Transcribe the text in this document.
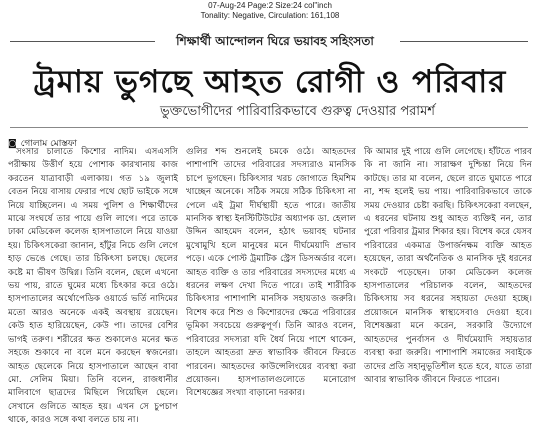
07-Aug-24 Page:2 Size:24 col"inch
Tonality: Negative, Circulation: 161,108
শিক্ষার্থী আন্দোলন ঘিরে ভয়াবহ সহিংসতা
ট্রমায় ভুগছে আহত রোগী ও পরিবার
ভুক্তভোগীদের পারিবারিকভাবে গুরুত্ব দেওয়ার পরামর্শ
◙ গোলাম মোস্তফা

সংসার চালাতে কিশোর নাদিম। এসএসসি পরীক্ষায় উত্তীর্ণ হয়ে পোশাক কারখানায় কাজ করতেন যাত্রাবাড়ী এলাকায়। গত ১৯ জুলাই বেতন নিয়ে বাসায় ফেরার পথে ছোট ভাইকে সঙ্গে নিয়ে যাচ্ছিলেন। এ সময় পুলিশ ও শিক্ষার্থীদের মাঝে সংঘর্ষে তার পায়ে গুলি লাগে। পরে তাকে ঢাকা মেডিকেল কলেজ হাসপাতালে নিয়ে যাওয়া হয়। চিকিৎসকেরা জানান, হাঁটুর নিচে গুলি লেগে হাড় ভেঙে গেছে। তার চিকিৎসা চলছে। ছেলের কষ্টে মা ভীষণ উদ্বিগ্ন। তিনি বলেন, ছেলে এখনো ভয় পায়, রাতে ঘুমের মধ্যে চিৎকার করে ওঠে। হাসপাতালের অর্থোপেডিক ওয়ার্ডে ভর্তি নাদিমের মতো আরও অনেকে একই অবস্থায় রয়েছেন। কেউ হাত হারিয়েছেন, কেউ পা। তাদের বেশির ভাগই তরুণ। শরীরের ক্ষত শুকালেও মনের ক্ষত সহজে শুকাবে না বলে মনে করছেন স্বজনেরা। আহত ছেলেকে নিয়ে হাসপাতালে আছেন বাবা মো. সেলিম মিয়া। তিনি বলেন, রাজধানীর মালিবাগে ছাত্রদের মিছিলে গিয়েছিল ছেলে। সেখানে গুলিতে আহত হয়। এখন সে চুপচাপ থাকে, কারও সঙ্গে কথা বলতে চায় না।

গুলির শব্দ শুনলেই চমকে ওঠে। আহতদের পাশাপাশি তাদের পরিবারের সদস্যরাও মানসিক চাপে ভুগছেন। চিকিৎসার খরচ জোগাতে হিমশিম খাচ্ছেন অনেকে। সঠিক সময়ে সঠিক চিকিৎসা না পেলে এই ট্রমা দীর্ঘস্থায়ী হতে পারে। জাতীয় মানসিক স্বাস্থ্য ইনস্টিটিউটের অধ্যাপক ডা. হেলাল উদ্দিন আহমেদ বলেন, হঠাৎ ভয়াবহ ঘটনার মুখোমুখি হলে মানুষের মনে দীর্ঘমেয়াদি প্রভাব পড়ে। একে পোস্ট ট্রমাটিক স্ট্রেস ডিসঅর্ডার বলে। আহত ব্যক্তি ও তার পরিবারের সদস্যদের মধ্যে এ ধরনের লক্ষণ দেখা দিতে পারে। তাই শারীরিক চিকিৎসার পাশাপাশি মানসিক সহায়তাও জরুরি। বিশেষ করে শিশু ও কিশোরদের ক্ষেত্রে পরিবারের ভূমিকা সবচেয়ে গুরুত্বপূর্ণ। তিনি আরও বলেন, পরিবারের সদস্যরা যদি ধৈর্য নিয়ে পাশে থাকেন, তাহলে আহতরা দ্রুত স্বাভাবিক জীবনে ফিরতে পারবেন। আহতদের কাউন্সেলিংয়ের ব্যবস্থা করা প্রয়োজন। হাসপাতালগুলোতে মনোরোগ বিশেষজ্ঞের সংখ্যা বাড়ানো দরকার।

কি আমার দুই পায়ে গুলি লেগেছে। হাঁটতে পারব কি না জানি না। সারাক্ষণ দুশ্চিন্তা নিয়ে দিন কাটছে। তার মা বলেন, ছেলে রাতে ঘুমাতে পারে না, শব্দ হলেই ভয় পায়। পারিবারিকভাবে তাকে সময় দেওয়ার চেষ্টা করছি। চিকিৎসকেরা বলছেন, এ ধরনের ঘটনায় শুধু আহত ব্যক্তিই নন, তার পুরো পরিবার ট্রমার শিকার হয়। বিশেষ করে যেসব পরিবারের একমাত্র উপার্জনক্ষম ব্যক্তি আহত হয়েছেন, তারা অর্থনৈতিক ও মানসিক দুই ধরনের সংকটে পড়েছেন। ঢাকা মেডিকেল কলেজ হাসপাতালের পরিচালক বলেন, আহতদের চিকিৎসায় সব ধরনের সহায়তা দেওয়া হচ্ছে। প্রয়োজনে মানসিক স্বাস্থ্যসেবাও দেওয়া হবে। বিশেষজ্ঞরা মনে করেন, সরকারি উদ্যোগে আহতদের পুনর্বাসন ও দীর্ঘমেয়াদি সহায়তার ব্যবস্থা করা জরুরি। পাশাপাশি সমাজের সবাইকে তাদের প্রতি সহানুভূতিশীল হতে হবে, যাতে তারা আবার স্বাভাবিক জীবনে ফিরতে পারেন।
